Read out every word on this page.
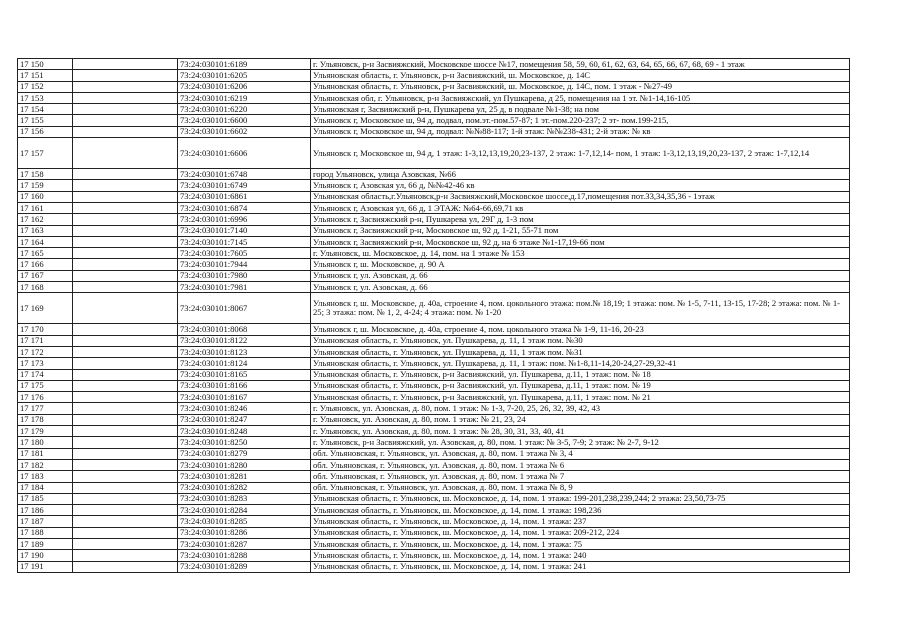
17 150		73:24:030101:6189	г. Ульяновск, р-н Засвияжский, Московское шоссе №17, помещения 58, 59, 60, 61, 62, 63, 64, 65, 66, 67, 68, 69 - 1 этаж
17 151		73:24:030101:6205	Ульяновская область, г. Ульяновск, р-н Засвияжский, ш. Московское, д. 14С
17 152		73:24:030101:6206	Ульяновская область, г. Ульяновск, р-н Засвияжский, ш. Московское, д. 14С, пом. 1 этаж - №27-49
17 153		73:24:030101:6219	Ульяновская обл, г. Ульяновск, р-н Засвияжский, ул Пушкарева, д 25, помещения на 1 эт. №1-14,16-105
17 154		73:24:030101:6220	Ульяновская г, Засвияжский р-н, Пушкарева ул, 25 д, в подвале №1-38; на пом
17 155		73:24:030101:6600	Ульяновск г, Московское ш, 94 д, подвал, пом.эт.-пом.57-87; 1 эт.-пом.220-237; 2 эт- пом.199-215,
17 156		73:24:030101:6602	Ульяновск г, Московское ш, 94 д, подвал: №№88-117; 1-й этаж: №№238-431; 2-й этаж: № кв
17 157		73:24:030101:6606	Ульяновск г, Московское ш, 94 д, 1 этаж: 1-3,12,13,19,20,23-137, 2 этаж: 1-7,12,14- пом, 1 этаж: 1-3,12,13,19,20,23-137, 2 этаж: 1-7,12,14
17 158		73:24:030101:6748	город Ульяновск, улица Азовская, №66
17 159		73:24:030101:6749	Ульяновск г, Азовская ул, 66 д, №№42-46 кв
17 160		73:24:030101:6861	Ульяновская область,г.Ульяновск,р-н Засвияжский,Московское шоссе,д.17,помещения пот.33,34,35,36 - 1этаж
17 161		73:24:030101:6874	Ульяновск г, Азовская ул, 66 д, 1 ЭТАЖ: №64-66,69,71 кв
17 162		73:24:030101:6996	Ульяновск г, Засвияжский р-н, Пушкарева ул, 29Г д, 1-3 пом
17 163		73:24:030101:7140	Ульяновск г, Засвияжский р-н, Московское ш, 92 д, 1-21, 55-71 пом
17 164		73:24:030101:7145	Ульяновск г, Засвияжский р-н, Московское ш, 92 д, на 6 этаже №1-17,19-66 пом
17 165		73:24:030101:7605	г. Ульяновск, ш. Московское, д. 14, пом. на 1 этаже № 153
17 166		73:24:030101:7944	Ульяновск г, ш. Московское, д. 90 А
17 167		73:24:030101:7980	Ульяновск г, ул. Азовская, д. 66
17 168		73:24:030101:7981	Ульяновск г, ул. Азовская, д. 66
17 169		73:24:030101:8067	Ульяновск г, ш. Московское, д. 40а, строение 4, пом. цокольного этажа: пом.№ 18,19; 1 этажа: пом. № 1-5, 7-11, 13-15, 17-28; 2 этажа: пом. № 1-25; 3 этажа: пом. № 1, 2, 4-24; 4 этажа: пом. № 1-20
17 170		73:24:030101:8068	Ульяновск г, ш. Московское, д. 40а, строение 4, пом. цокольного этажа № 1-9, 11-16, 20-23
17 171		73:24:030101:8122	Ульяновская область, г. Ульяновск, ул. Пушкарева, д. 11, 1 этаж пом. №30
17 172		73:24:030101:8123	Ульяновская область, г. Ульяновск, ул. Пушкарева, д. 11, 1 этаж пом. №31
17 173		73:24:030101:8124	Ульяновская область, г. Ульяновск, ул. Пушкарева, д. 11, 1 этаж: пом. №1-8,11-14,20-24,27-29,32-41
17 174		73:24:030101:8165	Ульяновская область, г. Ульяновск, р-н Засвияжский, ул. Пушкарева, д.11, 1 этаж: пом. № 18
17 175		73:24:030101:8166	Ульяновская область, г. Ульяновск, р-н Засвияжский, ул. Пушкарева, д.11, 1 этаж: пом. № 19
17 176		73:24:030101:8167	Ульяновская область, г. Ульяновск, р-н Засвияжский, ул. Пушкарева, д.11, 1 этаж: пом. № 21
17 177		73:24:030101:8246	г. Ульяновск, ул. Азовская, д. 80, пом. 1 этаж: № 1-3, 7-20, 25, 26, 32, 39, 42, 43
17 178		73:24:030101:8247	г. Ульяновск, ул. Азовская, д. 80, пом. 1 этаж: № 21, 23, 24
17 179		73:24:030101:8248	г. Ульяновск, ул. Азовская, д. 80, пом. 1 этаж: № 28, 30, 31, 33, 40, 41
17 180		73:24:030101:8250	г. Ульяновск, р-н Засвияжский, ул. Азовская, д. 80, пом. 1 этаж: № 3-5, 7-9; 2 этаж: № 2-7, 9-12
17 181		73:24:030101:8279	обл. Ульяновская, г. Ульяновск, ул. Азовская, д. 80, пом. 1 этажа № 3, 4
17 182		73:24:030101:8280	обл. Ульяновская, г. Ульяновск, ул. Азовская, д. 80, пом. 1 этажа № 6
17 183		73:24:030101:8281	обл. Ульяновская, г. Ульяновск, ул. Азовская, д. 80, пом. 1 этажа № 7
17 184		73:24:030101:8282	обл. Ульяновская, г. Ульяновск, ул. Азовская, д. 80, пом. 1 этажа № 8, 9
17 185		73:24:030101:8283	Ульяновская область, г. Ульяновск, ш. Московское, д. 14, пом. 1 этажа: 199-201,238,239,244; 2 этажа: 23,50,73-75
17 186		73:24:030101:8284	Ульяновская область, г. Ульяновск, ш. Московское, д. 14, пом. 1 этажа: 198,236
17 187		73:24:030101:8285	Ульяновская область, г. Ульяновск, ш. Московское, д. 14, пом. 1 этажа: 237
17 188		73:24:030101:8286	Ульяновская область, г. Ульяновск, ш. Московское, д. 14, пом. 1 этажа: 209-212, 224
17 189		73:24:030101:8287	Ульяновская область, г. Ульяновск, ш. Московское, д. 14, пом. 1 этажа: 75
17 190		73:24:030101:8288	Ульяновская область, г. Ульяновск, ш. Московское, д. 14, пом. 1 этажа: 240
17 191		73:24:030101:8289	Ульяновская область, г. Ульяновск, ш. Московское, д. 14, пом. 1 этажа: 241
